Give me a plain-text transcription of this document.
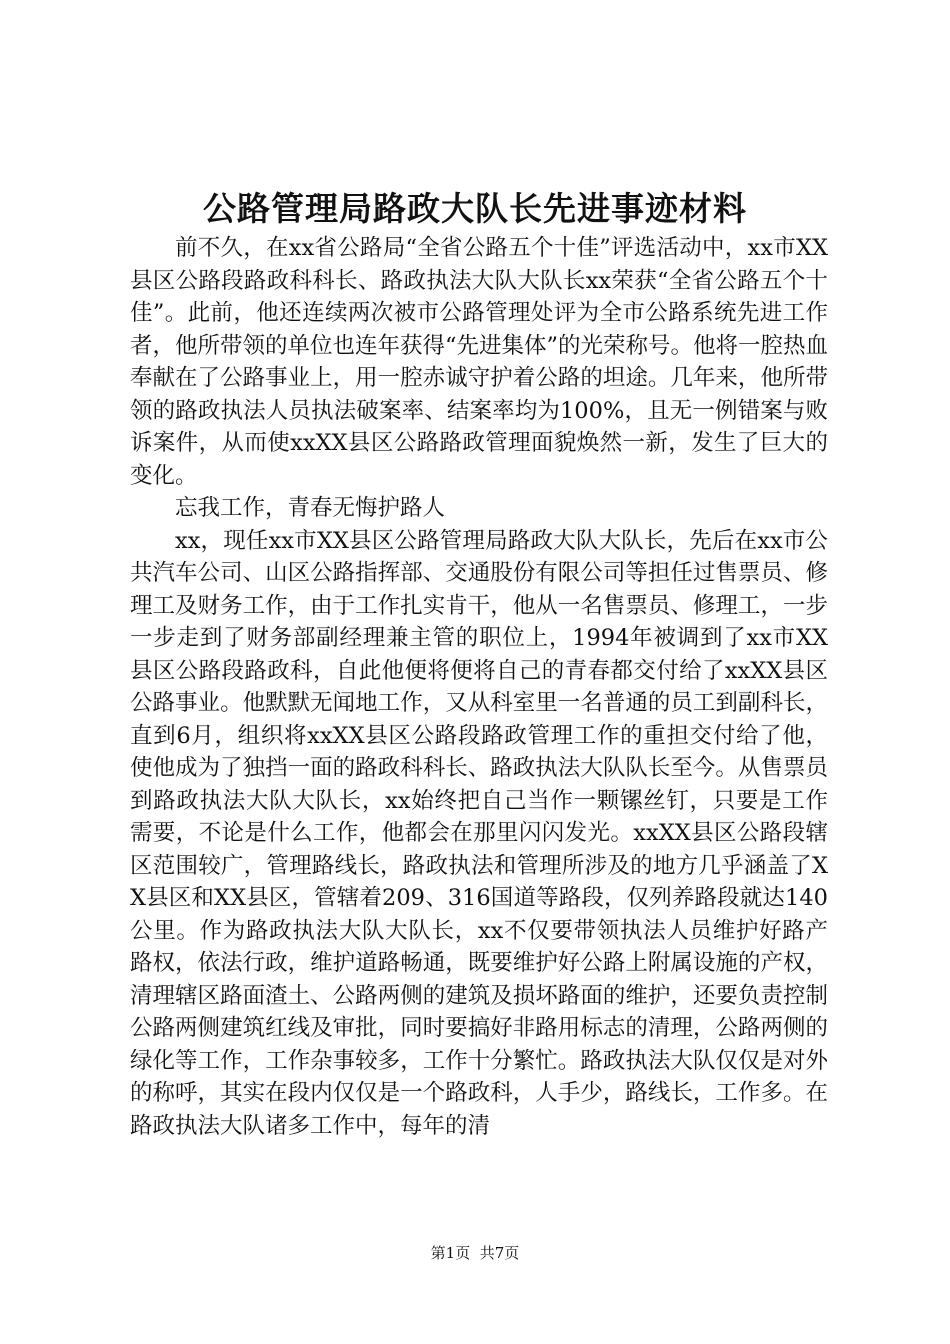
公路管理局路政大队长先进事迹材料

前不久，在xx省公路局“全省公路五个十佳”评选活动中，xx市XX县区公路段路政科科长、路政执法大队大队长xx荣获“全省公路五个十佳”。此前，他还连续两次被市公路管理处评为全市公路系统先进工作者，他所带领的单位也连年获得“先进集体”的光荣称号。他将一腔热血奉献在了公路事业上，用一腔赤诚守护着公路的坦途。几年来，他所带领的路政执法人员执法破案率、结案率均为100%，且无一例错案与败诉案件，从而使xxXX县区公路路政管理面貌焕然一新，发生了巨大的变化。

忘我工作，青春无悔护路人

xx，现任xx市XX县区公路管理局路政大队大队长，先后在xx市公共汽车公司、山区公路指挥部、交通股份有限公司等担任过售票员、修理工及财务工作，由于工作扎实肯干，他从一名售票员、修理工，一步一步走到了财务部副经理兼主管的职位上，1994年被调到了xx市XX县区公路段路政科，自此他便将便将自己的青春都交付给了xxXX县区公路事业。他默默无闻地工作，又从科室里一名普通的员工到副科长，直到6月，组织将xxXX县区公路段路政管理工作的重担交付给了他，使他成为了独挡一面的路政科科长、路政执法大队队长至今。从售票员到路政执法大队大队长，xx始终把自己当作一颗镙丝钉，只要是工作需要，不论是什么工作，他都会在那里闪闪发光。xxXX县区公路段辖区范围较广，管理路线长，路政执法和管理所涉及的地方几乎涵盖了XX县区和XX县区，管辖着209、316国道等路段，仅列养路段就达140公里。作为路政执法大队大队长，xx不仅要带领执法人员维护好路产路权，依法行政，维护道路畅通，既要维护好公路上附属设施的产权，清理辖区路面渣土、公路两侧的建筑及损坏路面的维护，还要负责控制公路两侧建筑红线及审批，同时要搞好非路用标志的清理，公路两侧的绿化等工作，工作杂事较多，工作十分繁忙。路政执法大队仅仅是对外的称呼，其实在段内仅仅是一个路政科，人手少，路线长，工作多。在路政执法大队诸多工作中，每年的清

第1页 共7页
